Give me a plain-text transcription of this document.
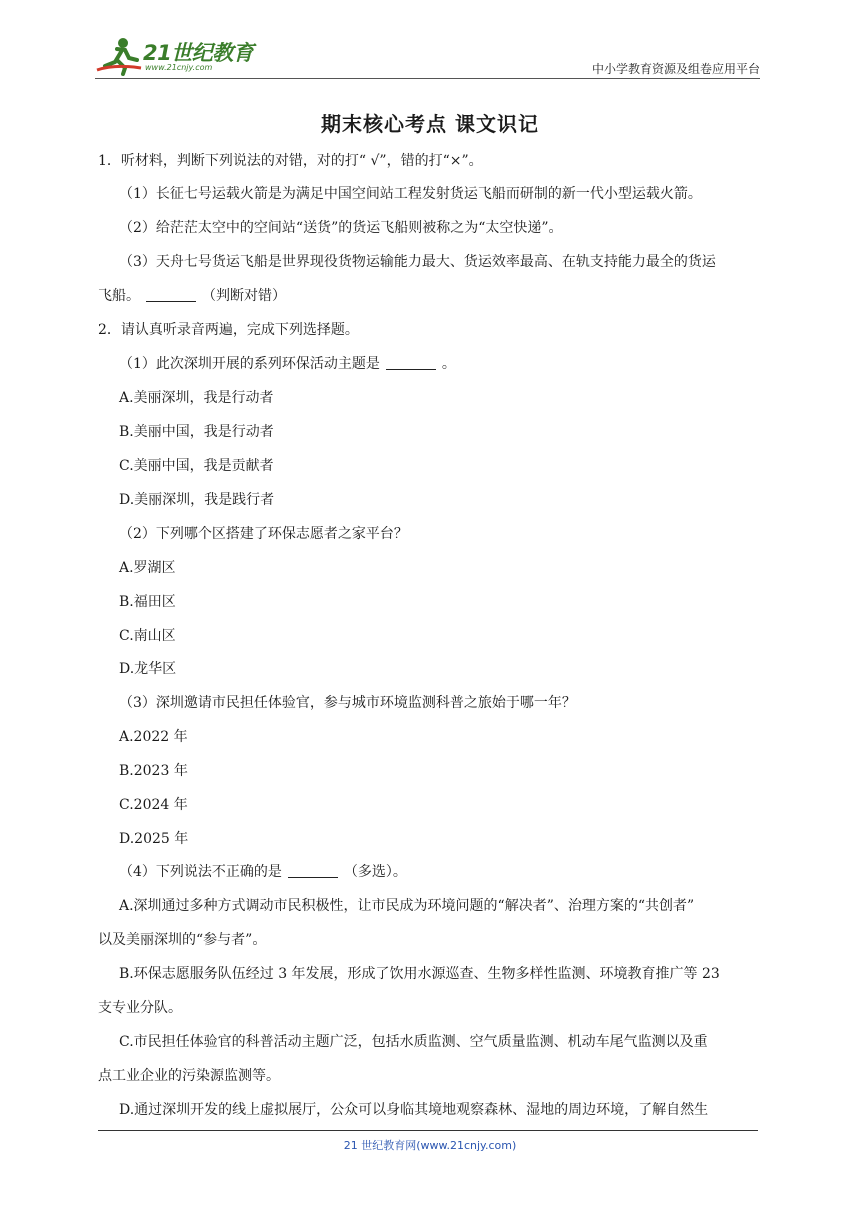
21世纪教育
www.21cnjy.com	中小学教育资源及组卷应用平台
期末核心考点 课文识记
1．听材料，判断下列说法的对错，对的打“ √”，错的打“×”。
（1）长征七号运载火箭是为满足中国空间站工程发射货运飞船而研制的新一代小型运载火箭。
（2）给茫茫太空中的空间站“送货”的货运飞船则被称之为“太空快递”。
（3）天舟七号货运飞船是世界现役货物运输能力最大、货运效率最高、在轨支持能力最全的货运
飞船。	（判断对错）
2．请认真听录音两遍，完成下列选择题。
（1）此次深圳开展的系列环保活动主题是	。
A.美丽深圳，我是行动者
B.美丽中国，我是行动者
C.美丽中国，我是贡献者
D.美丽深圳，我是践行者
（2）下列哪个区搭建了环保志愿者之家平台？
A.罗湖区
B.福田区
C.南山区
D.龙华区
（3）深圳邀请市民担任体验官，参与城市环境监测科普之旅始于哪一年？
A.2022 年
B.2023 年
C.2024 年
D.2025 年
（4）下列说法不正确的是	（多选）。
A.深圳通过多种方式调动市民积极性，让市民成为环境问题的“解决者”、治理方案的“共创者”
以及美丽深圳的“参与者”。
B.环保志愿服务队伍经过 3 年发展，形成了饮用水源巡查、生物多样性监测、环境教育推广等 23
支专业分队。
C.市民担任体验官的科普活动主题广泛，包括水质监测、空气质量监测、机动车尾气监测以及重
点工业企业的污染源监测等。
D.通过深圳开发的线上虚拟展厅，公众可以身临其境地观察森林、湿地的周边环境，了解自然生
21 世纪教育网(www.21cnjy.com)
